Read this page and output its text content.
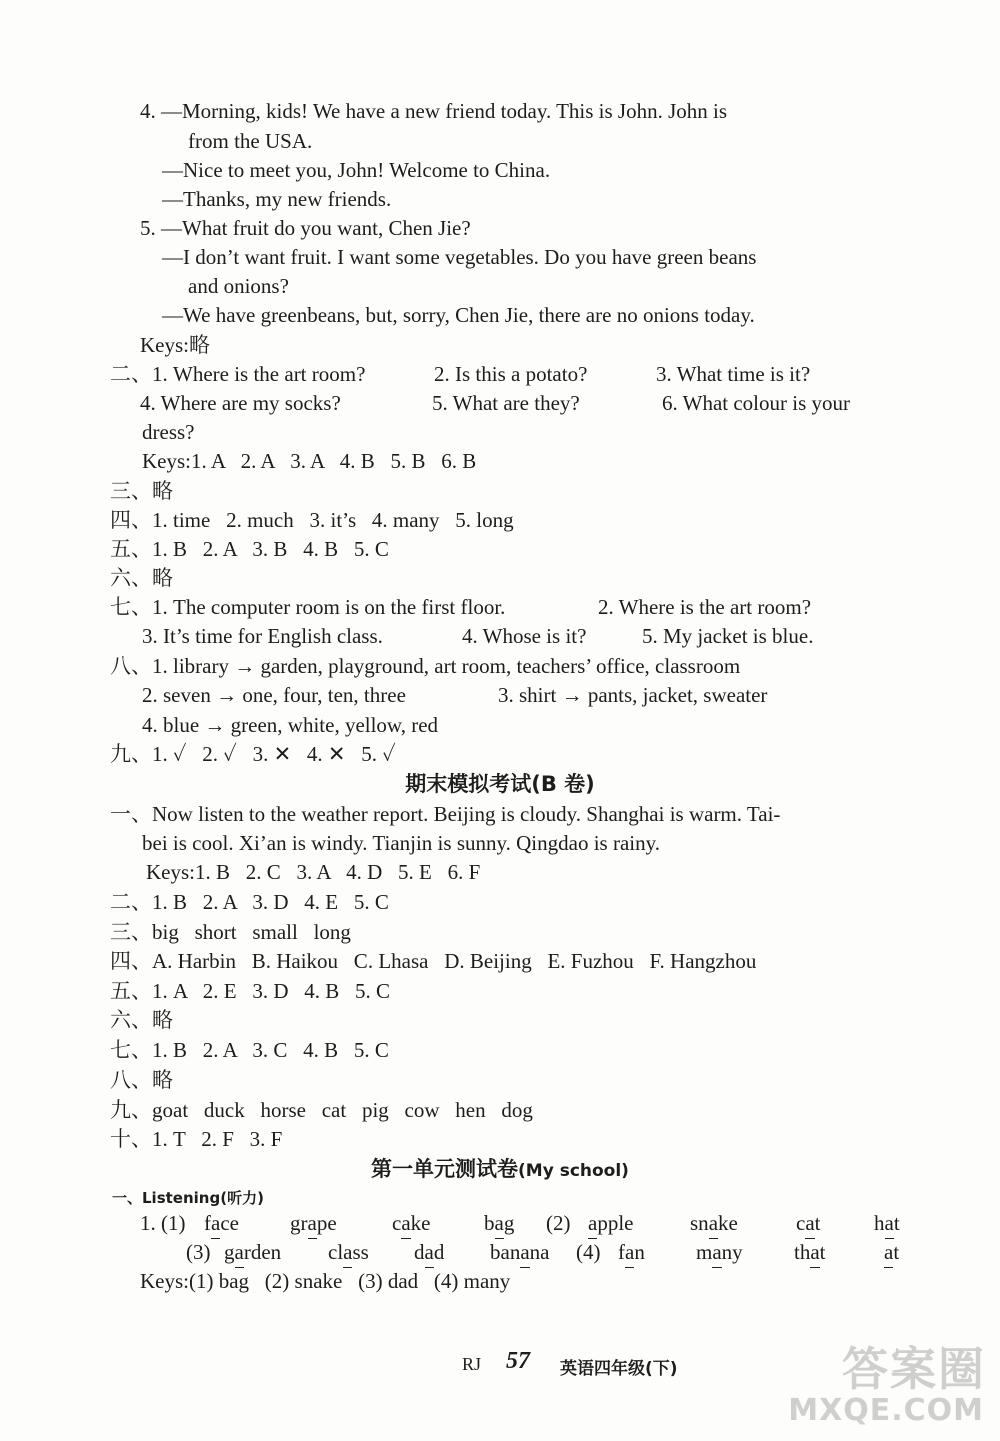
4. —Morning, kids! We have a new friend today. This is John. John is
from the USA.
—Nice to meet you, John! Welcome to China.
—Thanks, my new friends.
5. —What fruit do you want, Chen Jie?
—I don’t want fruit. I want some vegetables. Do you have green beans
and onions?
—We have greenbeans, but, sorry, Chen Jie, there are no onions today.
Keys:略
二、1. Where is the art room?	2. Is this a potato?	3. What time is it?
4. Where are my socks?	5. What are they?	6. What colour is your
dress?
Keys:1. A   2. A   3. A   4. B   5. B   6. B
三、略
四、1. time   2. much   3. it’s   4. many   5. long
五、1. B   2. A   3. B   4. B   5. C
六、略
七、1. The computer room is on the first floor.	2. Where is the art room?
3. It’s time for English class.	4. Whose is it?	5. My jacket is blue.
八、1. library → garden, playground, art room, teachers’ office, classroom
2. seven → one, four, ten, three	3. shirt → pants, jacket, sweater
4. blue → green, white, yellow, red
九、1. ✓   2. ✓   3. ✕   4. ✕   5. ✓
期末模拟考试(B 卷)
一、Now listen to the weather report. Beijing is cloudy. Shanghai is warm. Tai-
bei is cool. Xi’an is windy. Tianjin is sunny. Qingdao is rainy.
Keys:1. B   2. C   3. A   4. D   5. E   6. F
二、1. B   2. A   3. D   4. E   5. C
三、big   short   small   long
四、A. Harbin   B. Haikou   C. Lhasa   D. Beijing   E. Fuzhou   F. Hangzhou
五、1. A   2. E   3. D   4. B   5. C
六、略
七、1. B   2. A   3. C   4. B   5. C
八、略
九、goat   duck   horse   cat   pig   cow   hen   dog
十、1. T   2. F   3. F
第一单元测试卷(My school)
一、Listening(听力)
1. (1) face grape	cake	bag (2) apple	snake	cat	hat
(3) garden class dad banana (4) fan many that	at
Keys:(1) bag   (2) snake   (3) dad   (4) many
RJ 57 英语四年级(下)	答案圈
MXQE.COM
